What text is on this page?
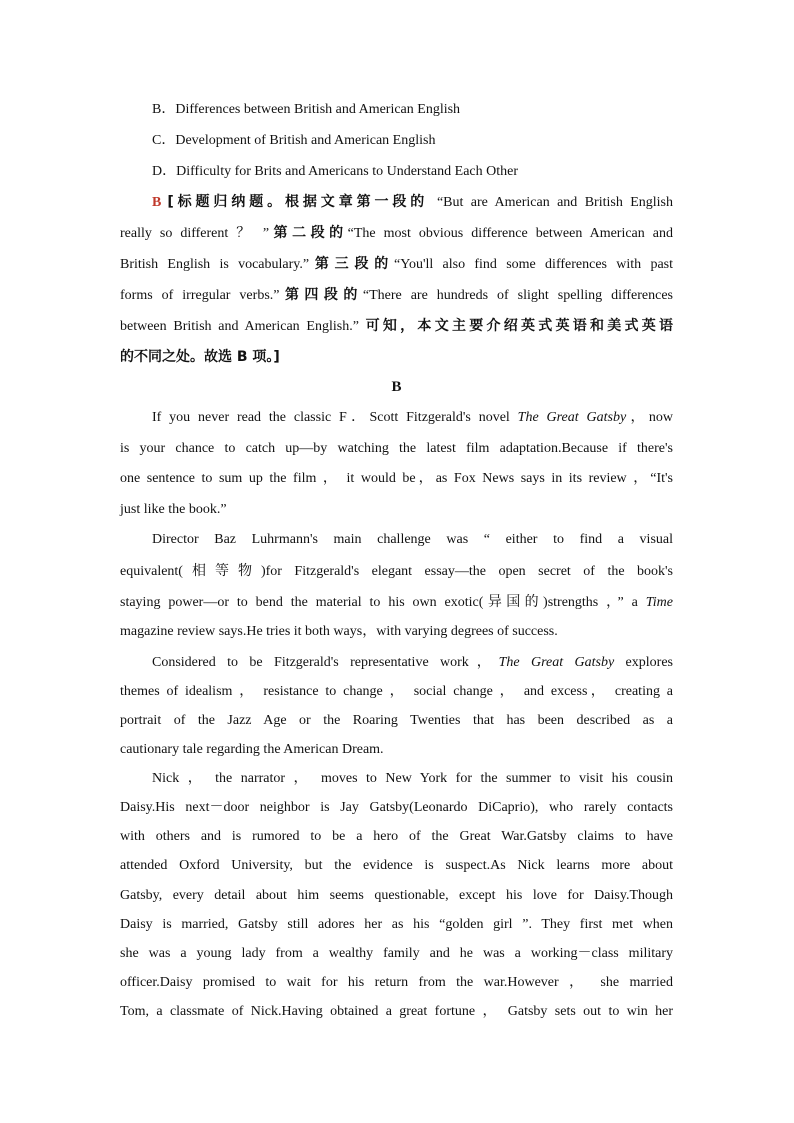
B．Differences between British and American English
C．Development of British and American English
D．Difficulty for Brits and Americans to Understand Each Other
B [标题归纳题。根据文章第一段的 “But are American and British English
really so different ？ ”第二段的“The most obvious difference between American and
British English is vocabulary.”第三段的“You'll also find some differences with past
forms of irregular verbs.”第四段的“There are hundreds of slight spelling differences
between British and American English.” 可知，本文主要介绍英式英语和美式英语
的不同之处。故选 B 项。]
B
If you never read the classic F．Scott Fitzgerald's novel The Great Gatsby，now
is your chance to catch up—by watching the latest film adaptation.Because if there's
one sentence to sum up the film ， it would be，as Fox News says in its review ，“It's
just like the book.”
Director Baz Luhrmann's main challenge was “ either to find a visual
equivalent(相等物)for Fitzgerald's elegant essay—the open secret of the book's
staying power—or to bend the material to his own exotic(异国的)strengths ，” a Time
magazine review says.He tries it both ways，with varying degrees of success.
Considered to be Fitzgerald's representative work，The Great Gatsby explores
themes of idealism ， resistance to change ， social change ， and excess， creating a
portrait of the Jazz Age or the Roaring Twenties that has been described as a
cautionary tale regarding the American Dream.
Nick ， the narrator ， moves to New York for the summer to visit his cousin
Daisy.His next－door neighbor is Jay Gatsby(Leonardo DiCaprio), who rarely contacts
with others and is rumored to be a hero of the Great War.Gatsby claims to have
attended Oxford University, but the evidence is suspect.As Nick learns more about
Gatsby, every detail about him seems questionable, except his love for Daisy.Though
Daisy is married, Gatsby still adores her as his “golden girl ”. They first met when
she was a young lady from a wealthy family and he was a working－class military
officer.Daisy promised to wait for his return from the war.However ， she married
Tom, a classmate of Nick.Having obtained a great fortune ， Gatsby sets out to win her
